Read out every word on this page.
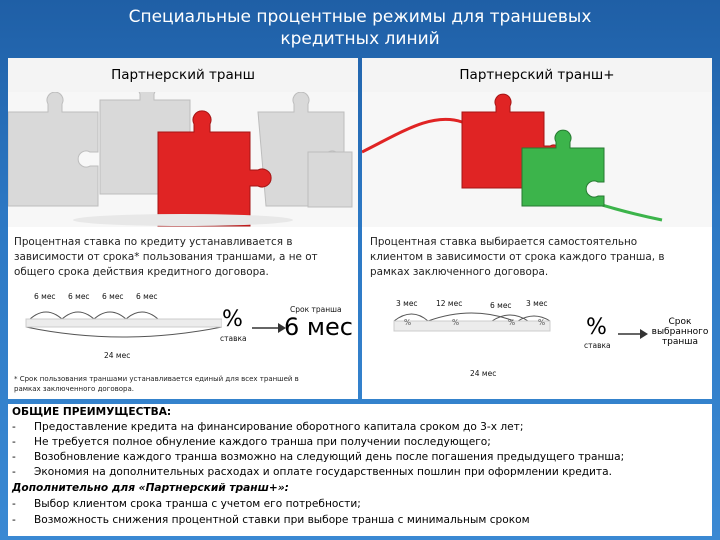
Специальные процентные режимы для траншевых
кредитных линий
Партнерский транш
Процентная ставка по кредиту устанавливается в
зависимости от срока* пользования траншами, а не от
общего срока действия кредитного договора.
6 мес 6 мес 6 мес 6 мес
24 мес
%
ставка
Срок транша
6 мес
* Срок пользования траншами устанавливается единый для всех траншей в
рамках заключенного договора.
Партнерский транш+
Процентная ставка выбирается самостоятельно
клиентом в зависимости от срока каждого транша, в
рамках заключенного договора.
3 мес 12 мес	6 мес 3 мес
%	%	%	%
24 мес
%
ставка
Срок
выбранного
транша
ОБЩИЕ ПРЕИМУЩЕСТВА:
- Предоставление кредита на финансирование оборотного капитала сроком до 3-х лет;
- Не требуется полное обнуление каждого транша при получении последующего;
- Возобновление каждого транша возможно на следующий день после погашения предыдущего транша;
- Экономия на дополнительных расходах и оплате государственных пошлин при оформлении кредита.
Дополнительно для «Партнерский транш+»:
- Выбор клиентом срока транша с учетом его потребности;
- Возможность снижения процентной ставки при выборе транша с минимальным сроком
